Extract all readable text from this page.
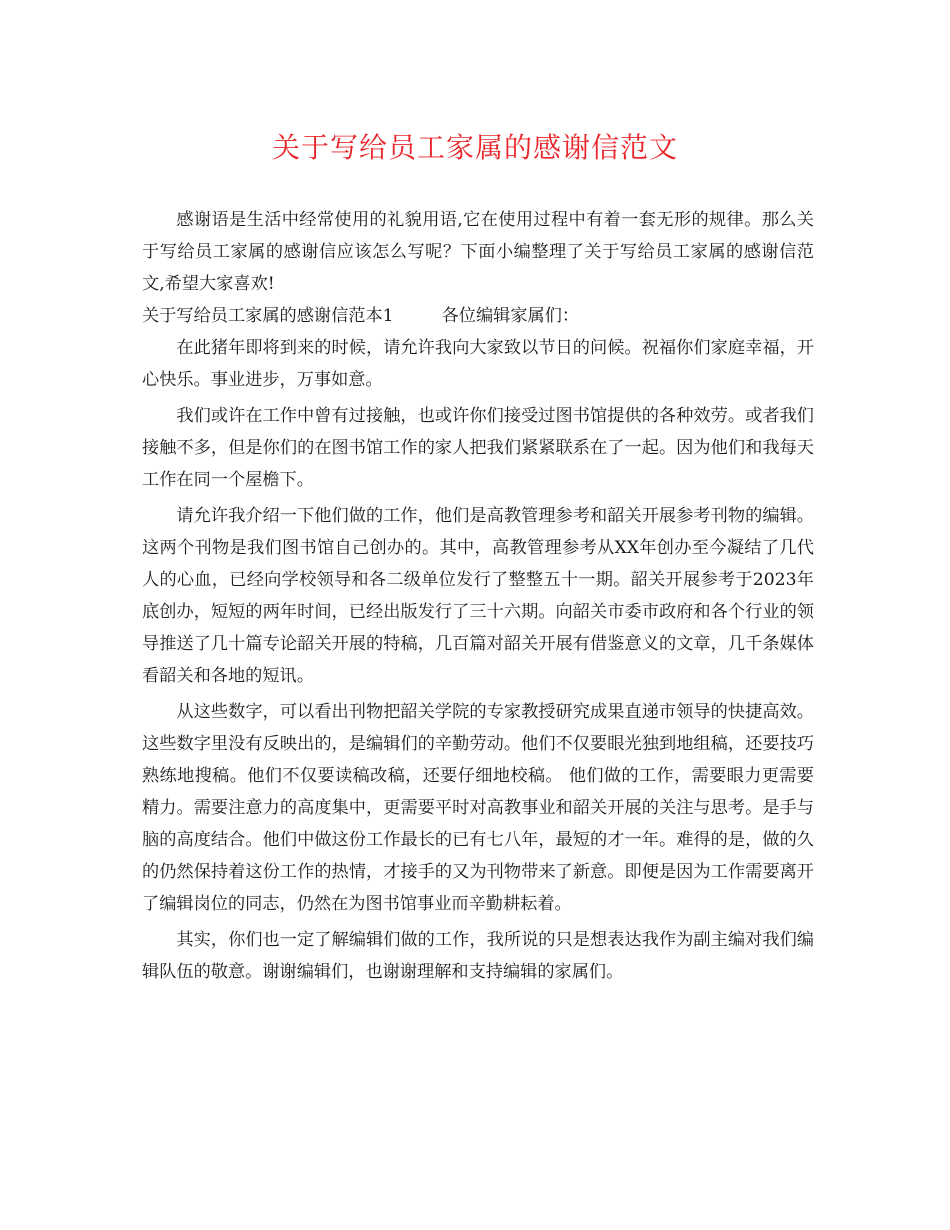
关于写给员工家属的感谢信范文

感谢语是生活中经常使用的礼貌用语,它在使用过程中有着一套无形的规律。那么关于写给员工家属的感谢信应该怎么写呢？下面小编整理了关于写给员工家属的感谢信范文,希望大家喜欢!

关于写给员工家属的感谢信范本1	各位编辑家属们：

在此猪年即将到来的时候，请允许我向大家致以节日的问候。祝福你们家庭幸福，开心快乐。事业进步，万事如意。

我们或许在工作中曾有过接触，也或许你们接受过图书馆提供的各种效劳。或者我们接触不多，但是你们的在图书馆工作的家人把我们紧紧联系在了一起。因为他们和我每天工作在同一个屋檐下。

请允许我介绍一下他们做的工作，他们是高教管理参考和韶关开展参考刊物的编辑。这两个刊物是我们图书馆自己创办的。其中，高教管理参考从XX年创办至今凝结了几代人的心血，已经向学校领导和各二级单位发行了整整五十一期。韶关开展参考于2023年底创办，短短的两年时间，已经出版发行了三十六期。向韶关市委市政府和各个行业的领导推送了几十篇专论韶关开展的特稿，几百篇对韶关开展有借鉴意义的文章，几千条媒体看韶关和各地的短讯。

从这些数字，可以看出刊物把韶关学院的专家教授研究成果直递市领导的快捷高效。这些数字里没有反映出的，是编辑们的辛勤劳动。他们不仅要眼光独到地组稿，还要技巧熟练地搜稿。他们不仅要读稿改稿，还要仔细地校稿。 他们做的工作，需要眼力更需要精力。需要注意力的高度集中，更需要平时对高教事业和韶关开展的关注与思考。是手与脑的高度结合。他们中做这份工作最长的已有七八年，最短的才一年。难得的是，做的久的仍然保持着这份工作的热情，才接手的又为刊物带来了新意。即便是因为工作需要离开了编辑岗位的同志，仍然在为图书馆事业而辛勤耕耘着。

其实，你们也一定了解编辑们做的工作，我所说的只是想表达我作为副主编对我们编辑队伍的敬意。谢谢编辑们，也谢谢理解和支持编辑的家属们。
